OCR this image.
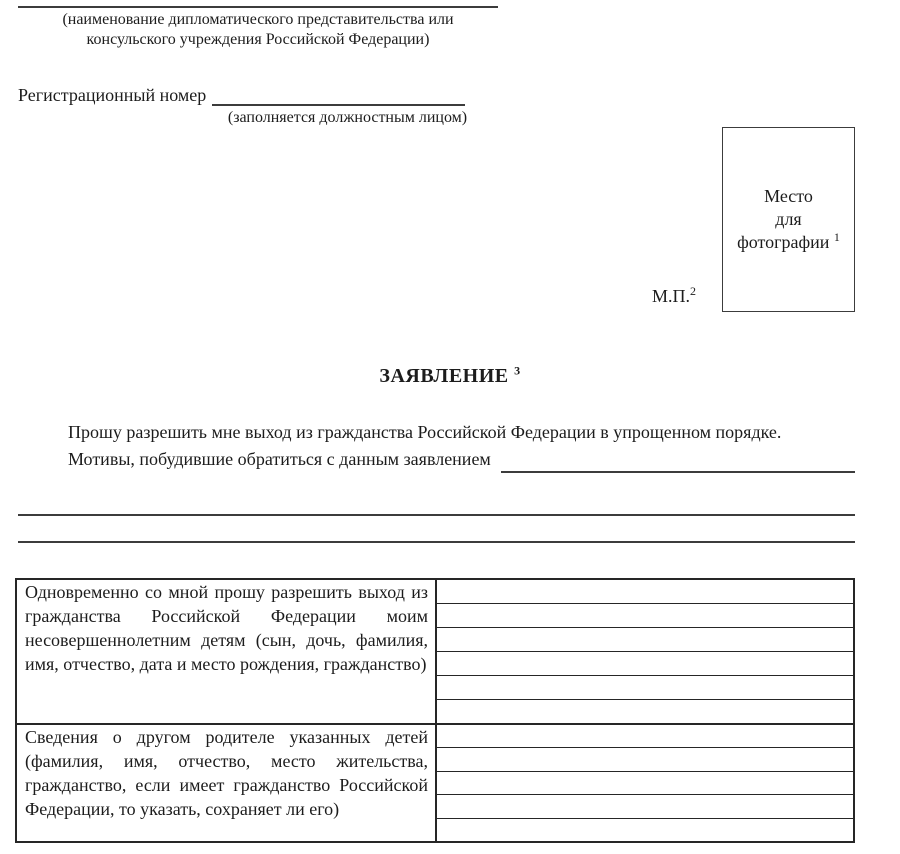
(наименование дипломатического представительства или
консульского учреждения Российской Федерации)
Регистрационный номер
(заполняется должностным лицом)
Место
для
фотографии $^1$
М.П.$^2$
ЗАЯВЛЕНИЕ $^3$

Прошу разрешить мне выход из гражданства Российской Федерации в упрощенном порядке.

Мотивы, побудившие обратиться с данным заявлением
Одновременно со мной прошу разрешить выход из гражданства Российской Федерации моим несовершеннолетним детям (сын, дочь, фамилия, имя, отчество, дата и место рождения, гражданство)
Сведения о другом родителе указанных детей (фамилия, имя, отчество, место жительства, гражданство, если имеет гражданство Российской Федерации, то указать, сохраняет ли его)
